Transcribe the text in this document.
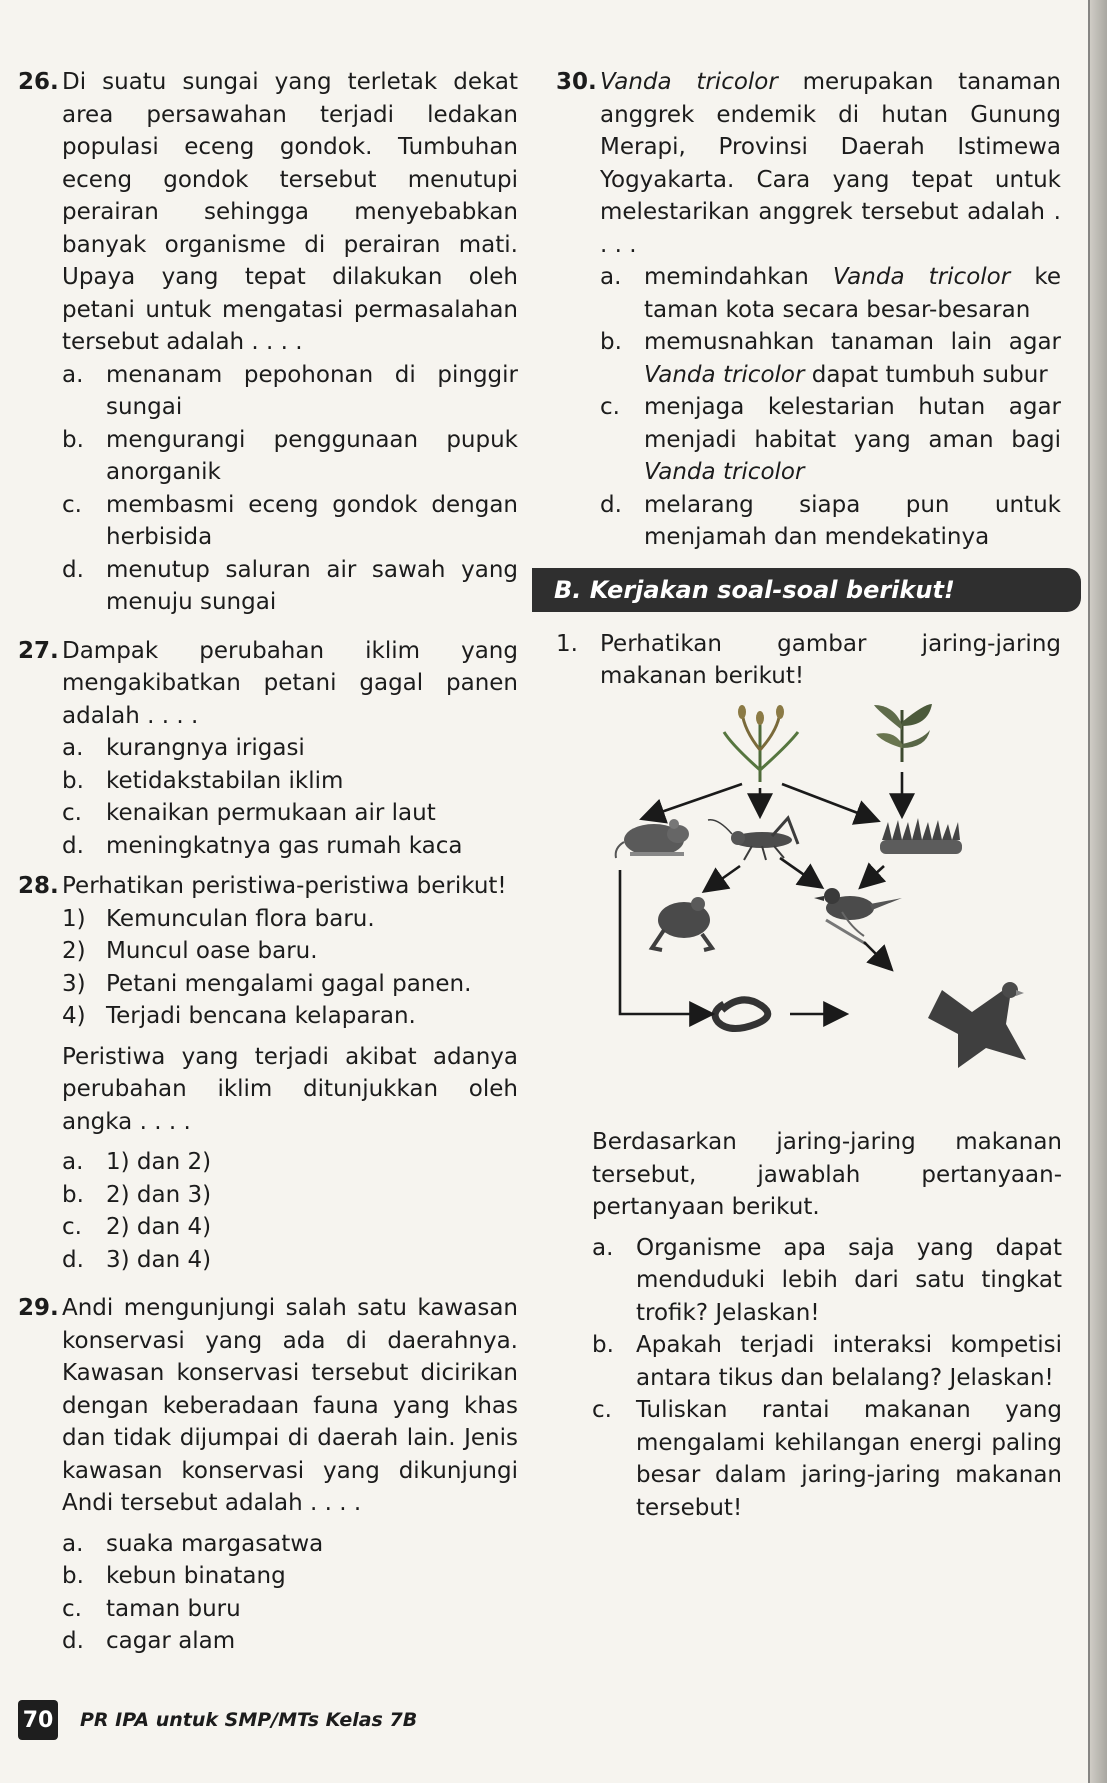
26. Di suatu sungai yang terletak dekat area persawahan terjadi ledakan populasi eceng gondok. Tumbuhan eceng gondok tersebut menutupi perairan sehingga menyebabkan banyak organisme di perairan mati. Upaya yang tepat dilakukan oleh petani untuk mengatasi permasalahan tersebut adalah . . . .
a. menanam pepohonan di pinggir sungai
b. mengurangi penggunaan pupuk anorganik
c.	membasmi eceng gondok dengan herbisida
d. menutup saluran air sawah yang menuju sungai
27. Dampak perubahan iklim yang mengakibatkan petani gagal panen adalah . . . .
a. kurangnya irigasi
b. ketidakstabilan iklim
c.	kenaikan permukaan air laut
d. meningkatnya gas rumah kaca
28. Perhatikan peristiwa-peristiwa berikut!
1) Kemunculan flora baru.
2) Muncul oase baru.
3) Petani mengalami gagal panen.
4) Terjadi bencana kelaparan.
Peristiwa yang terjadi akibat adanya perubahan iklim ditunjukkan oleh angka . . . .
a. 1) dan 2)
b. 2) dan 3)
c.	2) dan 4)
d. 3) dan 4)
29. Andi mengunjungi salah satu kawasan konservasi yang ada di daerahnya. Kawasan konservasi tersebut dicirikan dengan keberadaan fauna yang khas dan tidak dijumpai di daerah lain. Jenis kawasan konservasi yang dikunjungi Andi tersebut adalah . . . .
a. suaka margasatwa
b. kebun binatang
c.	taman buru
d. cagar alam
30. Vanda tricolor merupakan tanaman anggrek endemik di hutan Gunung Merapi, Provinsi Daerah Istimewa Yogyakarta. Cara yang tepat untuk melestarikan anggrek tersebut adalah . . . .
a. memindahkan Vanda tricolor ke taman kota secara besar-besaran
b. memusnahkan tanaman lain agar Vanda tricolor dapat tumbuh subur
c.	menjaga kelestarian hutan agar menjadi habitat yang aman bagi Vanda tricolor
d. melarang siapa pun untuk menjamah dan mendekatinya
B. Kerjakan soal-soal berikut!
1. Perhatikan gambar jaring-jaring makanan berikut!
Berdasarkan jaring-jaring makanan tersebut, jawablah pertanyaan-pertanyaan berikut.
a. Organisme apa saja yang dapat menduduki lebih dari satu tingkat trofik? Jelaskan!
b. Apakah terjadi interaksi kompetisi antara tikus dan belalang? Jelaskan!
c.	Tuliskan rantai makanan yang mengalami kehilangan energi paling besar dalam jaring-jaring makanan tersebut!
70 PR IPA untuk SMP/MTs Kelas 7B
